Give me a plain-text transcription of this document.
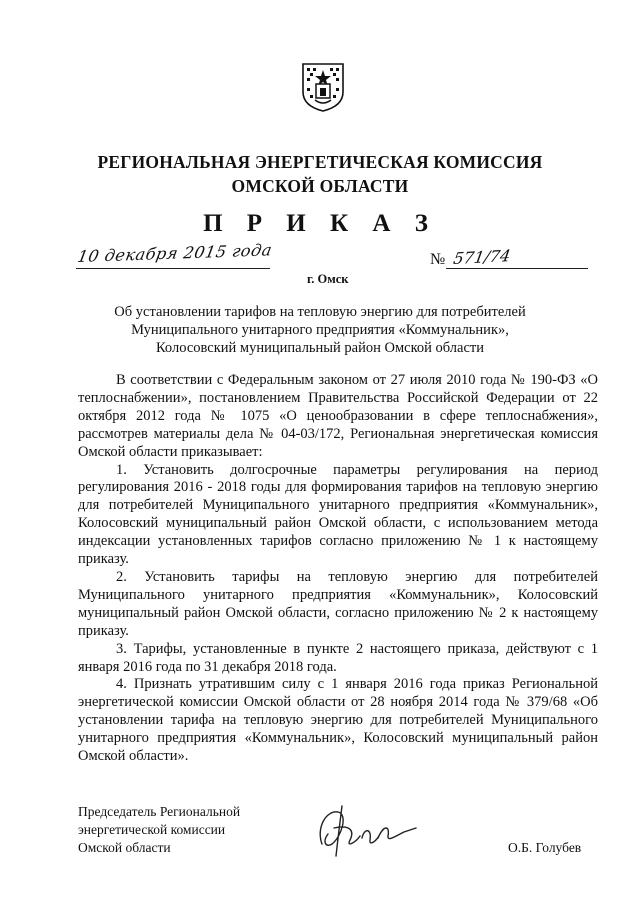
РЕГИОНАЛЬНАЯ ЭНЕРГЕТИЧЕСКАЯ КОМИССИЯ
ОМСКОЙ ОБЛАСТИ
П Р И К А З
10 декабря 2015 года
г. Омск
№ 571/74
Об установлении тарифов на тепловую энергию для потребителей
Муниципального унитарного предприятия «Коммунальник»,
Колосовский муниципальный район Омской области

В соответствии с Федеральным законом от 27 июля 2010 года № 190-ФЗ «О теплоснабжении», постановлением Правительства Российской Федерации от 22 октября 2012 года № 1075 «О ценообразовании в сфере теплоснабжения», рассмотрев материалы дела № 04-03/172, Региональная энергетическая комиссия Омской области приказывает:

1. Установить долгосрочные параметры регулирования на период регулирования 2016 - 2018 годы для формирования тарифов на тепловую энергию для потребителей Муниципального унитарного предприятия «Коммунальник», Колосовский муниципальный район Омской области, с использованием метода индексации установленных тарифов согласно приложению № 1 к настоящему приказу.

2. Установить тарифы на тепловую энергию для потребителей Муниципального унитарного предприятия «Коммунальник», Колосовский муниципальный район Омской области, согласно приложению № 2 к настоящему приказу.

3. Тарифы, установленные в пункте 2 настоящего приказа, действуют с 1 января 2016 года по 31 декабря 2018 года.

4. Признать утратившим силу с 1 января 2016 года приказ Региональной энергетической комиссии Омской области от 28 ноября 2014 года № 379/68 «Об установлении тарифа на тепловую энергию для потребителей Муниципального унитарного предприятия «Коммунальник», Колосовский муниципальный район Омской области».

Председатель Региональной
энергетической комиссии
Омской области	О.Б. Голубев
